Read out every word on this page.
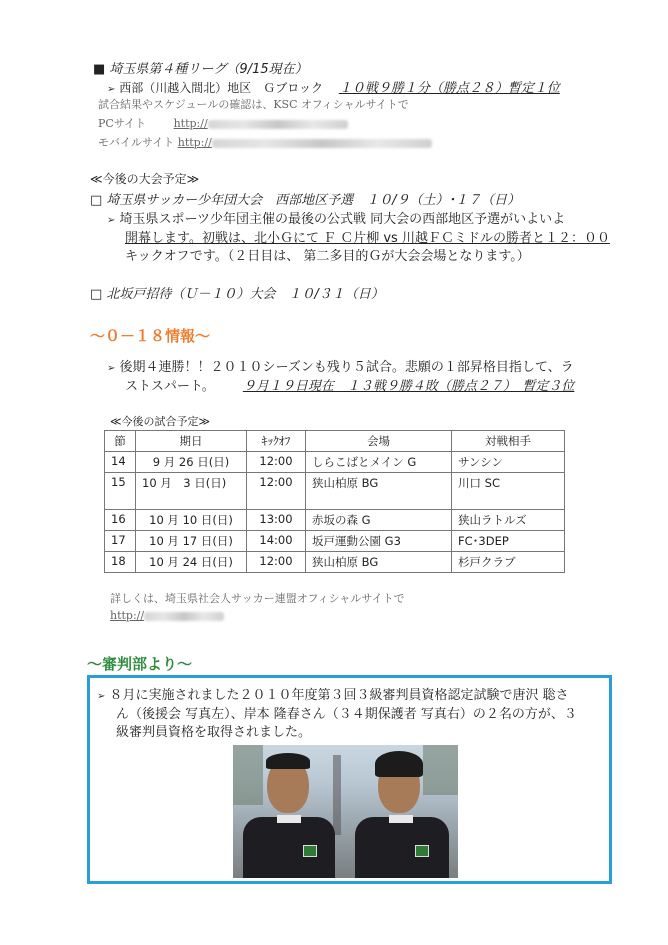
■ 埼玉県第４種リーグ（9/15現在）
➢ 西部（川越入間北）地区　Ｇブロック １０戦９勝１分（勝点２８）暫定１位
試合結果やスケジュールの確認は、KSC オフィシャルサイトで
PCサイト	http://
モバイルサイト http://
≪今後の大会予定≫
□ 埼玉県サッカー少年団大会　西部地区予選　１０/９（土）･１７（日）
➢ 埼玉県スポーツ少年団主催の最後の公式戦 同大会の西部地区予選がいよいよ
開幕します。初戦は、北小Ｇにて Ｆ Ｃ片柳 vs 川越ＦＣミドルの勝者と１２：００
キックオフです。（２日目は、 第二多目的Ｇが大会会場となります。）
□ 北坂戸招待（Ｕ－１０）大会　１０/３１（日）
～０－１８情報～
➢ 後期４連勝！！２０１０シーズンも残り５試合。悲願の１部昇格目指して、ラ
ストスパート。 ９月１９日現在　１３戦９勝４敗（勝点２７）　暫定３位
≪今後の試合予定≫
節	期日	ｷｯｸｵﾌ	会場	対戦相手
14	9 月 26 日(日)	12:00	しらこばとメイン G	サンシン
15	10 月　3 日(日)	12:00	狭山柏原 BG	川口 SC
16	10 月 10 日(日)	13:00	赤坂の森 G	狭山ラトルズ
17	10 月 17 日(日)	14:00	坂戸運動公園 G3	FC･3DEP
18	10 月 24 日(日)	12:00	狭山柏原 BG	杉戸クラブ
詳しくは、埼玉県社会人サッカー連盟オフィシャルサイトで
http://
～審判部より～
➢ ８月に実施されました２０１０年度第３回３級審判員資格認定試験で唐沢 聡さ
ん（後援会 写真左）、岸本 隆春さん（３４期保護者 写真右）の２名の方が、３
級審判員資格を取得されました。
